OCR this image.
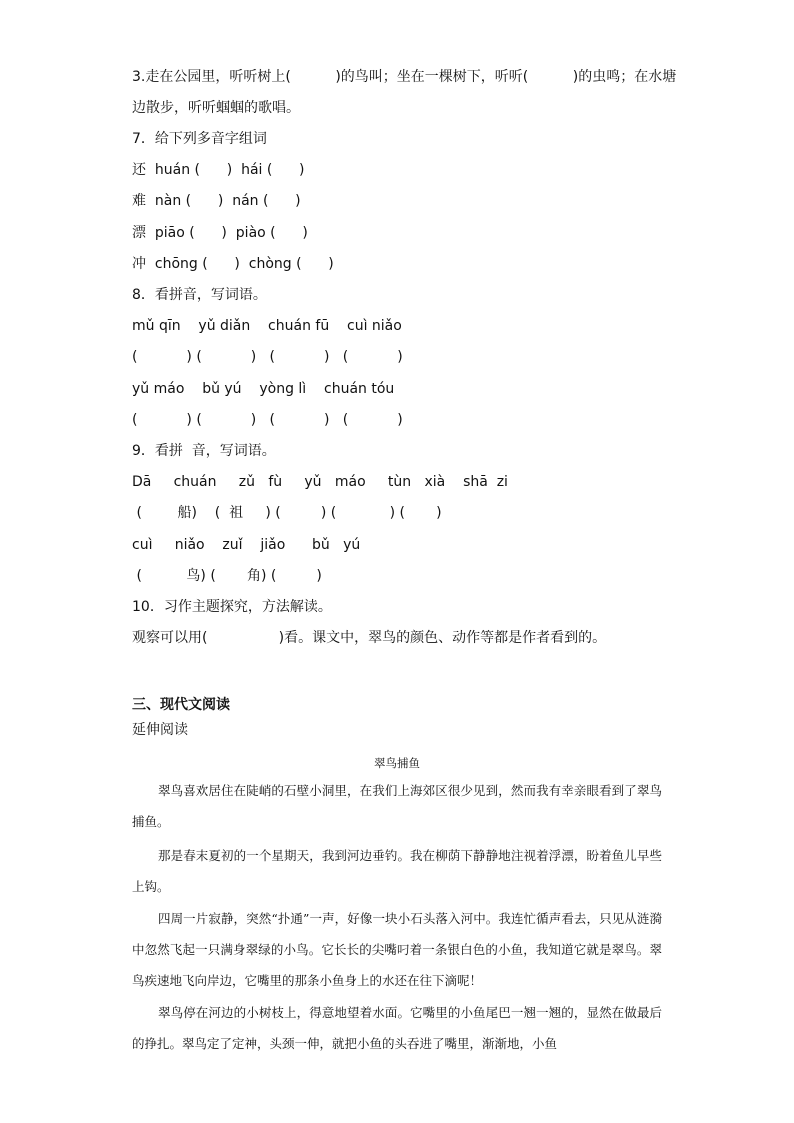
3.走在公园里，听听树上(          )的鸟叫；坐在一棵树下，听听(          )的虫鸣；在水塘
边散步，听听蝈蝈的歌唱。
7．给下列多音字组词
还  huán (      )  hái (      )
难  nàn (      )  nán (      )
漂  piāo (      )  piào (      )
冲  chōng (      )  chòng (      )
8．看拼音，写词语。
mǔ qīn    yǔ diǎn    chuán fū    cuì niǎo
(           ) (           )   (           )   (           )
yǔ máo    bǔ yú    yòng lì    chuán tóu
(           ) (           )   (           )   (           )
9．看拼  音，写词语。
Dā     chuán     zǔ   fù     yǔ   máo     tùn   xià    shā  zi
(        船)    (  祖     ) (         ) (            ) (       )
cuì     niǎo    zuǐ    jiǎo      bǔ   yú
(          鸟) (       角) (         )
10．习作主题探究，方法解读。
观察可以用(                )看。课文中，翠鸟的颜色、动作等都是作者看到的。
三、现代文阅读
延伸阅读
翠鸟捕鱼
翠鸟喜欢居住在陡峭的石壁小洞里，在我们上海郊区很少见到，然而我有幸亲眼看到了翠鸟捕鱼。
那是春末夏初的一个星期天，我到河边垂钓。我在柳荫下静静地注视着浮漂，盼着鱼儿早些上钩。
四周一片寂静，突然“扑通”一声，好像一块小石头落入河中。我连忙循声看去，只见从涟漪中忽然飞起一只满身翠绿的小鸟。它长长的尖嘴叼着一条银白色的小鱼，我知道它就是翠鸟。翠鸟疾速地飞向岸边，它嘴里的那条小鱼身上的水还在往下滴呢！
翠鸟停在河边的小树枝上，得意地望着水面。它嘴里的小鱼尾巴一翘一翘的，显然在做最后的挣扎。翠鸟定了定神，头颈一伸，就把小鱼的头吞进了嘴里，渐渐地，小鱼
